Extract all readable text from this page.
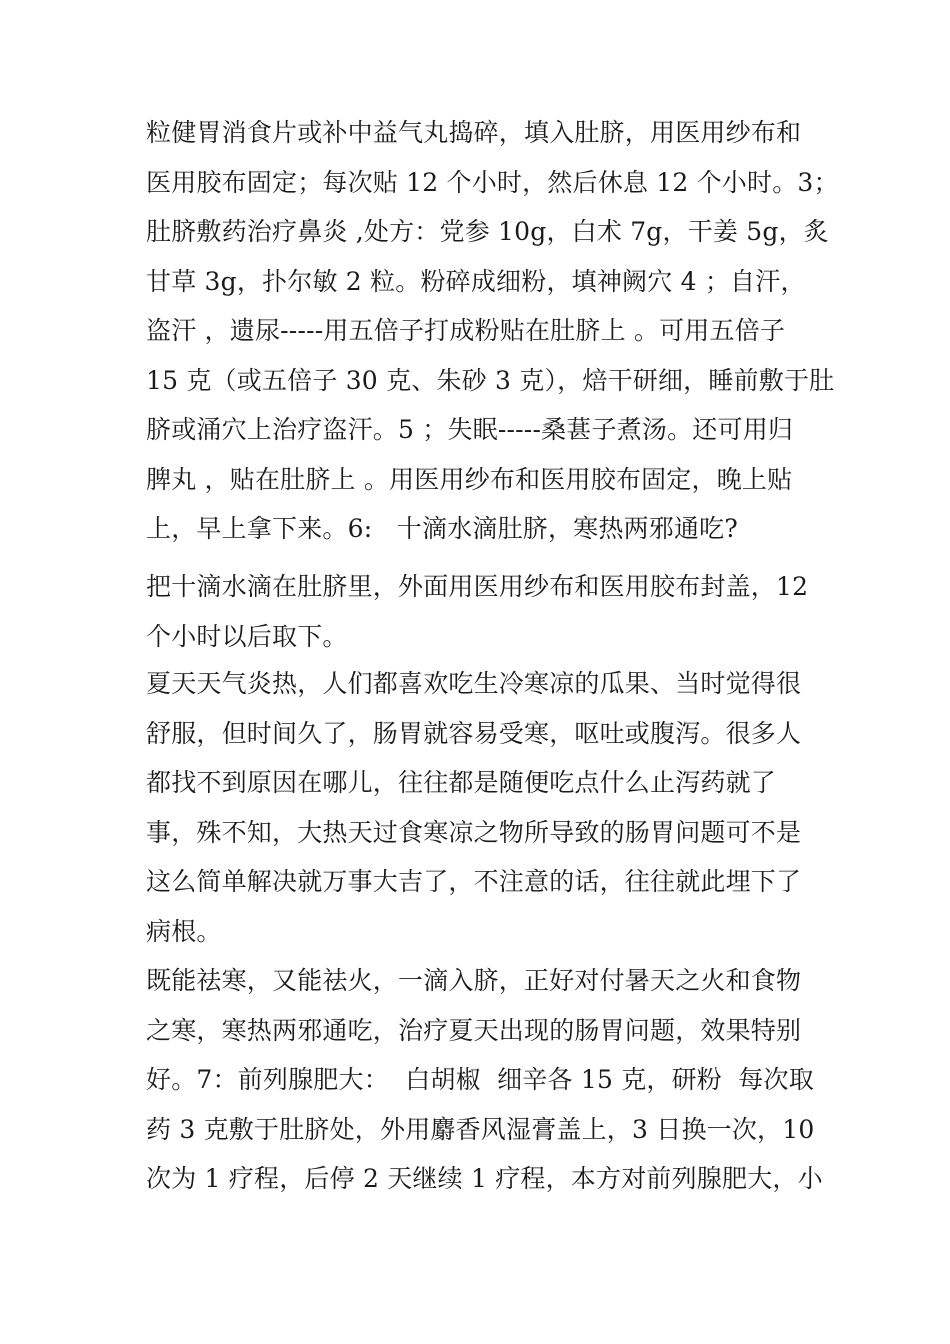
粒健胃消食片或补中益气丸捣碎，填入肚脐，用医用纱布和
医用胶布固定；每次贴 12 个小时，然后休息 12 个小时。3；
肚脐敷药治疗鼻炎 ,处方：党参 10g，白术 7g，干姜 5g，炙
甘草 3g，扑尔敏 2 粒。粉碎成细粉，填神阙穴 4 ；自汗，
盗汗 ，遗尿-----用五倍子打成粉贴在肚脐上 。可用五倍子
15 克（或五倍子 30 克、朱砂 3 克），焙干研细，睡前敷于肚
脐或涌穴上治疗盗汗。5 ；失眠-----桑葚子煮汤。还可用归
脾丸 ，贴在肚脐上 。用医用纱布和医用胶布固定，晚上贴
上，早上拿下来。6:   十滴水滴肚脐，寒热两邪通吃?
把十滴水滴在肚脐里，外面用医用纱布和医用胶布封盖，12
个小时以后取下。
夏天天气炎热，人们都喜欢吃生冷寒凉的瓜果、当时觉得很
舒服，但时间久了，肠胃就容易受寒，呕吐或腹泻。很多人
都找不到原因在哪儿，往往都是随便吃点什么止泻药就了
事，殊不知，大热天过食寒凉之物所导致的肠胃问题可不是
这么简单解决就万事大吉了，不注意的话，往往就此埋下了
病根。
既能祛寒，又能祛火，一滴入脐，正好对付暑天之火和食物
之寒，寒热两邪通吃，治疗夏天出现的肠胃问题，效果特别
好。7：前列腺肥大：  白胡椒  细辛各 15 克，研粉  每次取
药 3 克敷于肚脐处，外用麝香风湿膏盖上，3 日换一次，10
次为 1 疗程，后停 2 天继续 1 疗程，本方对前列腺肥大，小
